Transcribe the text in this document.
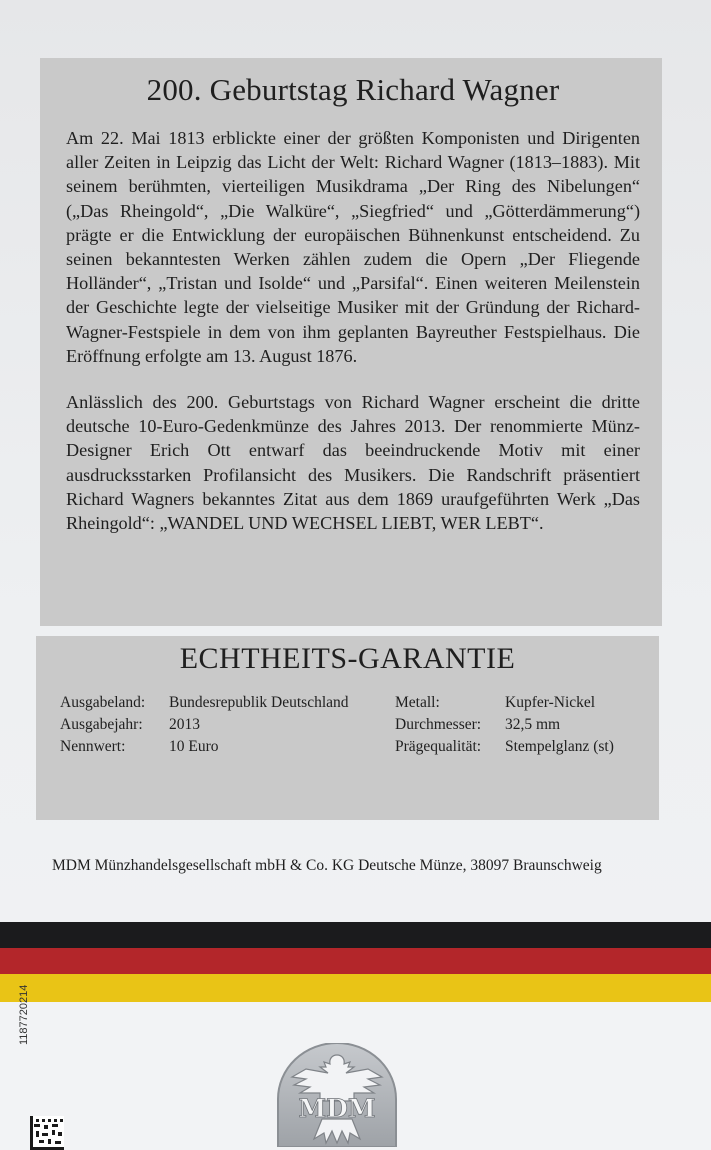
200. Geburtstag Richard Wagner

Am 22. Mai 1813 erblickte einer der größten Komponisten und Dirigenten aller Zeiten in Leipzig das Licht der Welt: Richard Wagner (1813–1883). Mit seinem berühmten, vierteiligen Musikdrama „Der Ring des Nibelungen“ („Das Rheingold“, „Die Walküre“, „Siegfried“ und „Götterdämmerung“) prägte er die Entwicklung der europäischen Bühnenkunst entscheidend. Zu seinen bekanntesten Werken zählen zudem die Opern „Der Fliegende Holländer“, „Tristan und Isolde“ und „Parsifal“. Einen weiteren Meilenstein der Geschichte legte der vielseitige Musiker mit der Gründung der Richard-Wagner-Festspiele in dem von ihm geplanten Bayreuther Festspielhaus. Die Eröffnung erfolgte am 13. August 1876.

Anlässlich des 200. Geburtstags von Richard Wagner erscheint die dritte deutsche 10-Euro-Gedenkmünze des Jahres 2013. Der renommierte Münz-Designer Erich Ott entwarf das beeindruckende Motiv mit einer ausdrucksstarken Profilansicht des Musikers. Die Randschrift präsentiert Richard Wagners bekanntes Zitat aus dem 1869 uraufgeführten Werk „Das Rheingold“: „WANDEL UND WECHSEL LIEBT, WER LEBT“.

ECHTHEITS-GARANTIE
Ausgabeland: Bundesrepublik Deutschland
Ausgabejahr: 2013
Nennwert:	10 Euro
Metall:	Kupfer-Nickel
Durchmesser: 32,5 mm
Prägequalität: Stempelglanz (st)
MDM Münzhandelsgesellschaft mbH & Co. KG Deutsche Münze, 38097 Braunschweig
1187720214
MDM
